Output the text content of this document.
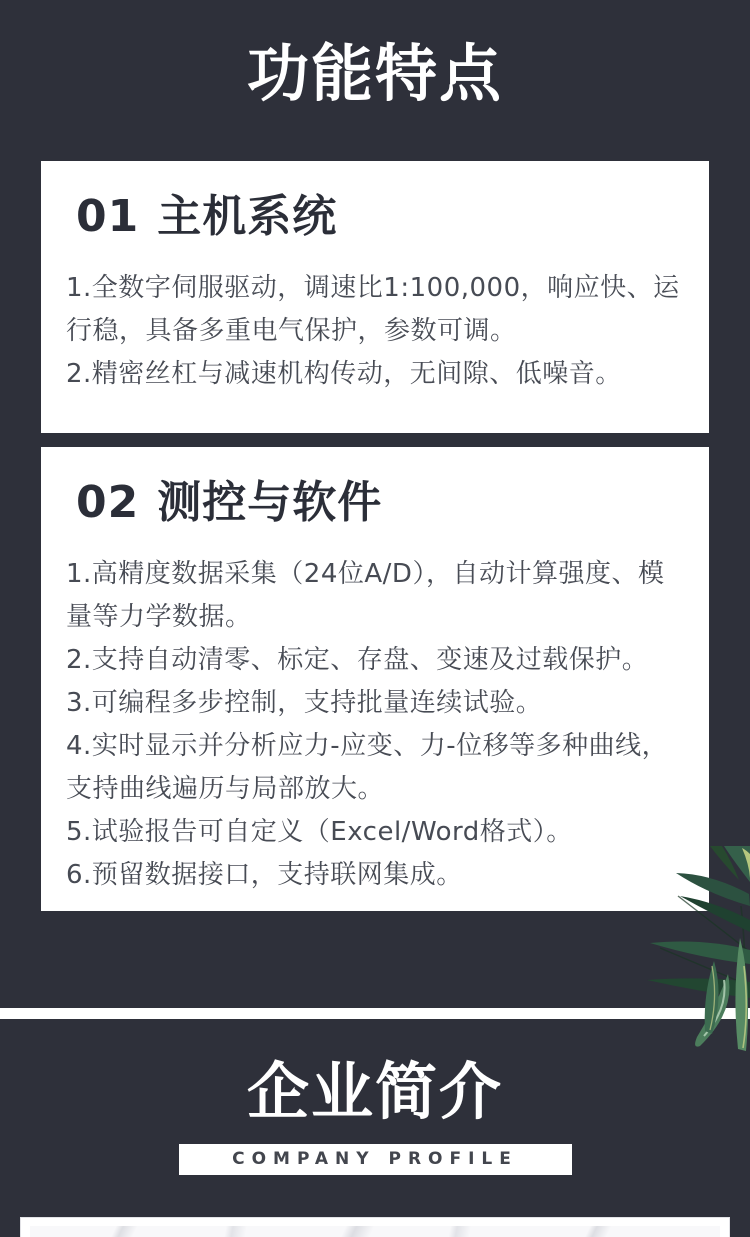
功能特点
01 主机系统

1.全数字伺服驱动，调速比1:100,000，响应快、运行稳，具备多重电气保护，参数可调。

2.精密丝杠与减速机构传动，无间隙、低噪音。

02 测控与软件

1.高精度数据采集（24位A/D），自动计算强度、模量等力学数据。

2.支持自动清零、标定、存盘、变速及过载保护。

3.可编程多步控制，支持批量连续试验。

4.实时显示并分析应力-应变、力-位移等多种曲线，支持曲线遍历与局部放大。

5.试验报告可自定义（Excel/Word格式）。

6.预留数据接口，支持联网集成。

企业简介
COMPANY PROFILE
